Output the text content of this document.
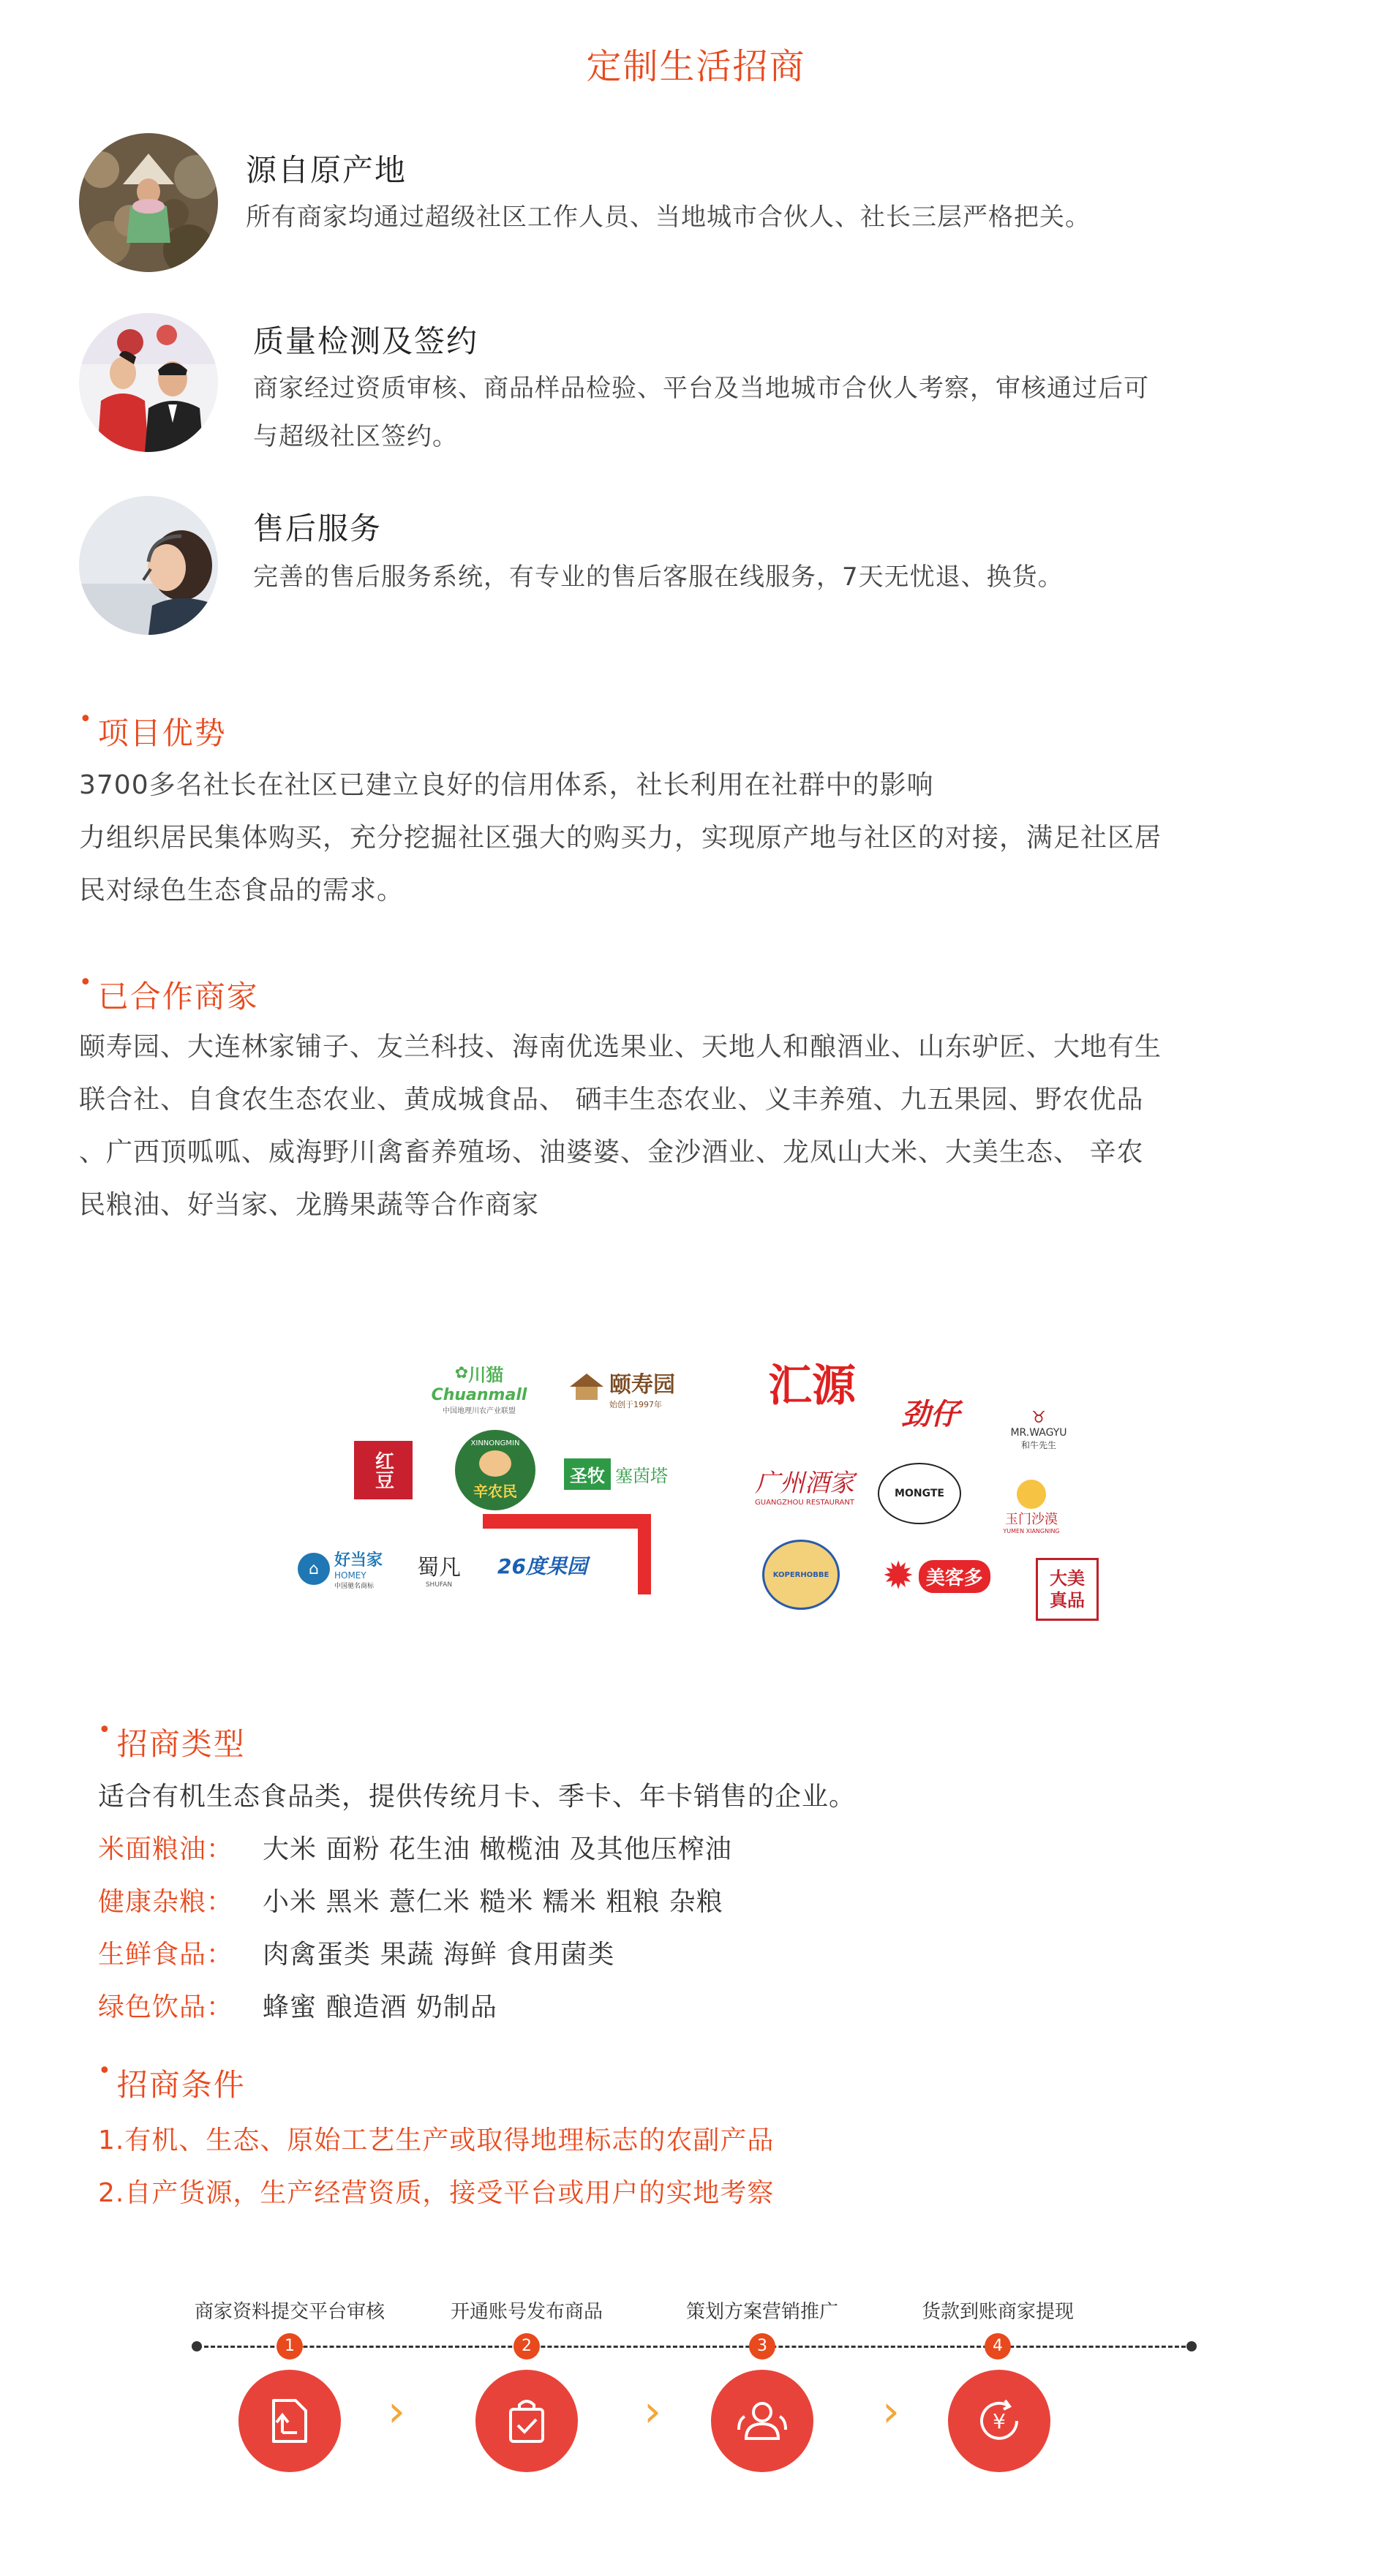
定制生活招商
源自原产地
所有商家均通过超级社区工作人员、当地城市合伙人、社长三层严格把关。
质量检测及签约
商家经过资质审核、商品样品检验、平台及当地城市合伙人考察，审核通过后可
与超级社区签约。
售后服务
完善的售后服务系统，有专业的售后客服在线服务，7天无忧退、换货。
• 项目优势
3700多名社长在社区已建立良好的信用体系，社长利用在社群中的影响
力组织居民集体购买，充分挖掘社区强大的购买力，实现原产地与社区的对接，满足社区居
民对绿色生态食品的需求。
• 已合作商家
颐寿园、大连林家铺子、友兰科技、海南优选果业、天地人和酿酒业、山东驴匠、大地有生
联合社、自食农生态农业、黄成城食品、 硒丰生态农业、义丰养殖、九五果园、野农优品
、广西顶呱呱、威海野川禽畜养殖场、油婆婆、金沙酒业、龙凤山大米、大美生态、 辛农
民粮油、好当家、龙腾果蔬等合作商家
✿ 川猫
Chuanmall
中国地理川农产业联盟
颐寿园
始创于1997年	汇源
劲仔	♉
MR.WAGYU
和牛先生
红豆
XINNONGMIN
辛农民
圣牧 塞茵塔	广州酒家
GUANGZHOU RESTAURANT
MONGTE
玉门沙漠
YUMEN XIANGNING
⌂ 好当家
HOMEY
中国驰名商标
蜀凡
SHUFAN
26度果园	KOPERHOBBE ✹ 美客多	大美真品
• 招商类型
适合有机生态食品类，提供传统月卡、季卡、年卡销售的企业。
米面粮油： 大米 面粉 花生油 橄榄油 及其他压榨油
健康杂粮： 小米 黑米 薏仁米 糙米 糯米 粗粮 杂粮
生鲜食品： 肉禽蛋类 果蔬 海鲜 食用菌类
绿色饮品： 蜂蜜 酿造酒 奶制品
• 招商条件
1.有机、生态、原始工艺生产或取得地理标志的农副产品
2.自产货源，生产经营资质，接受平台或用户的实地考察
商家资料提交平台审核
1
›
开通账号发布商品
2
›
策划方案营销推广
3
›
货款到账商家提现
4
¥
